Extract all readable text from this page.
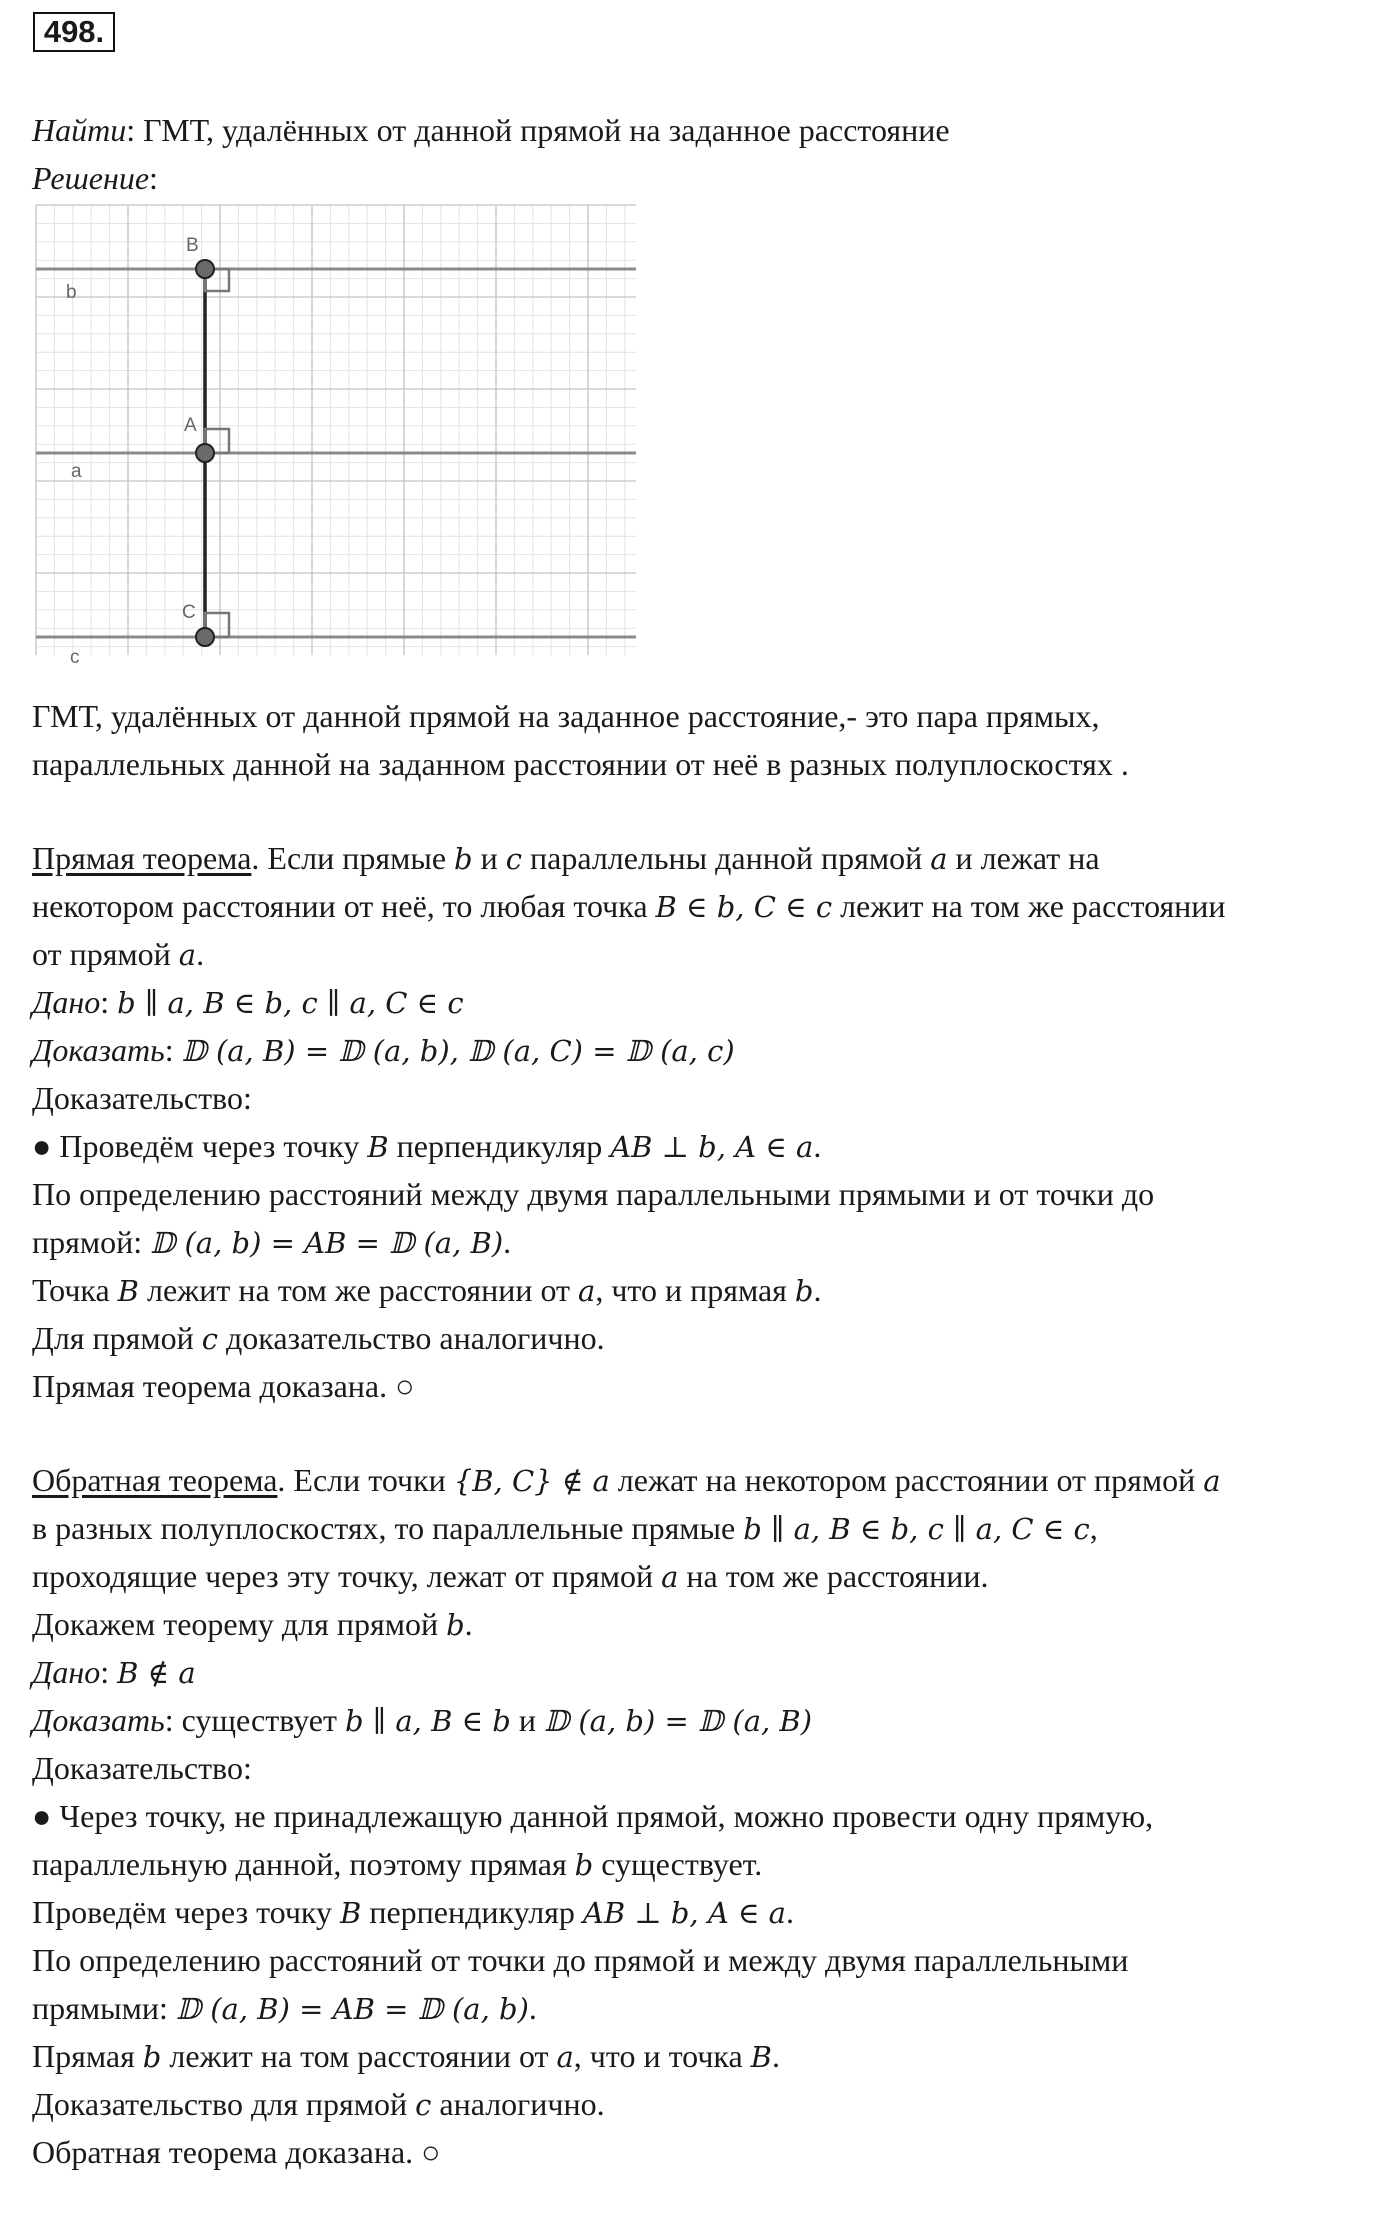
498.
Найти: ГМТ, удалённых от данной прямой на заданное расстояние
Решение:
B
A
C
b
a
c
ГМТ, удалённых от данной прямой на заданное расстояние,- это пара прямых,
параллельных данной на заданном расстоянии от неё в разных полуплоскостях .
Прямая теорема. Если прямые b и c параллельны данной прямой a и лежат на
некотором расстоянии от неё, то любая точка B ∈ b, C ∈ c лежит на том же расстоянии
от прямой a.
Дано: b ∥ a, B ∈ b, c ∥ a, C ∈ c
Доказать: 𝔻 (a, B) = 𝔻 (a, b), 𝔻 (a, C) = 𝔻 (a, c)
Доказательство:
● Проведём через точку B перпендикуляр AB ⊥ b, A ∈ a.
По определению расстояний между двумя параллельными прямыми и от точки до
прямой: 𝔻 (a, b) = AB = 𝔻 (a, B).
Точка B лежит на том же расстоянии от a, что и прямая b.
Для прямой c доказательство аналогично.
Прямая теорема доказана. ○
Обратная теорема. Если точки {B, C} ∉ a лежат на некотором расстоянии от прямой a
в разных полуплоскостях, то параллельные прямые b ∥ a, B ∈ b, c ∥ a, C ∈ c,
проходящие через эту точку, лежат от прямой a на том же расстоянии.
Докажем теорему для прямой b.
Дано: B ∉ a
Доказать: существует b ∥ a, B ∈ b и 𝔻 (a, b) = 𝔻 (a, B)
Доказательство:
● Через точку, не принадлежащую данной прямой, можно провести одну прямую,
параллельную данной, поэтому прямая b существует.
Проведём через точку B перпендикуляр AB ⊥ b, A ∈ a.
По определению расстояний от точки до прямой и между двумя параллельными
прямыми: 𝔻 (a, B) = AB = 𝔻 (a, b).
Прямая b лежит на том расстоянии от a, что и точка B.
Доказательство для прямой c аналогично.
Обратная теорема доказана. ○
